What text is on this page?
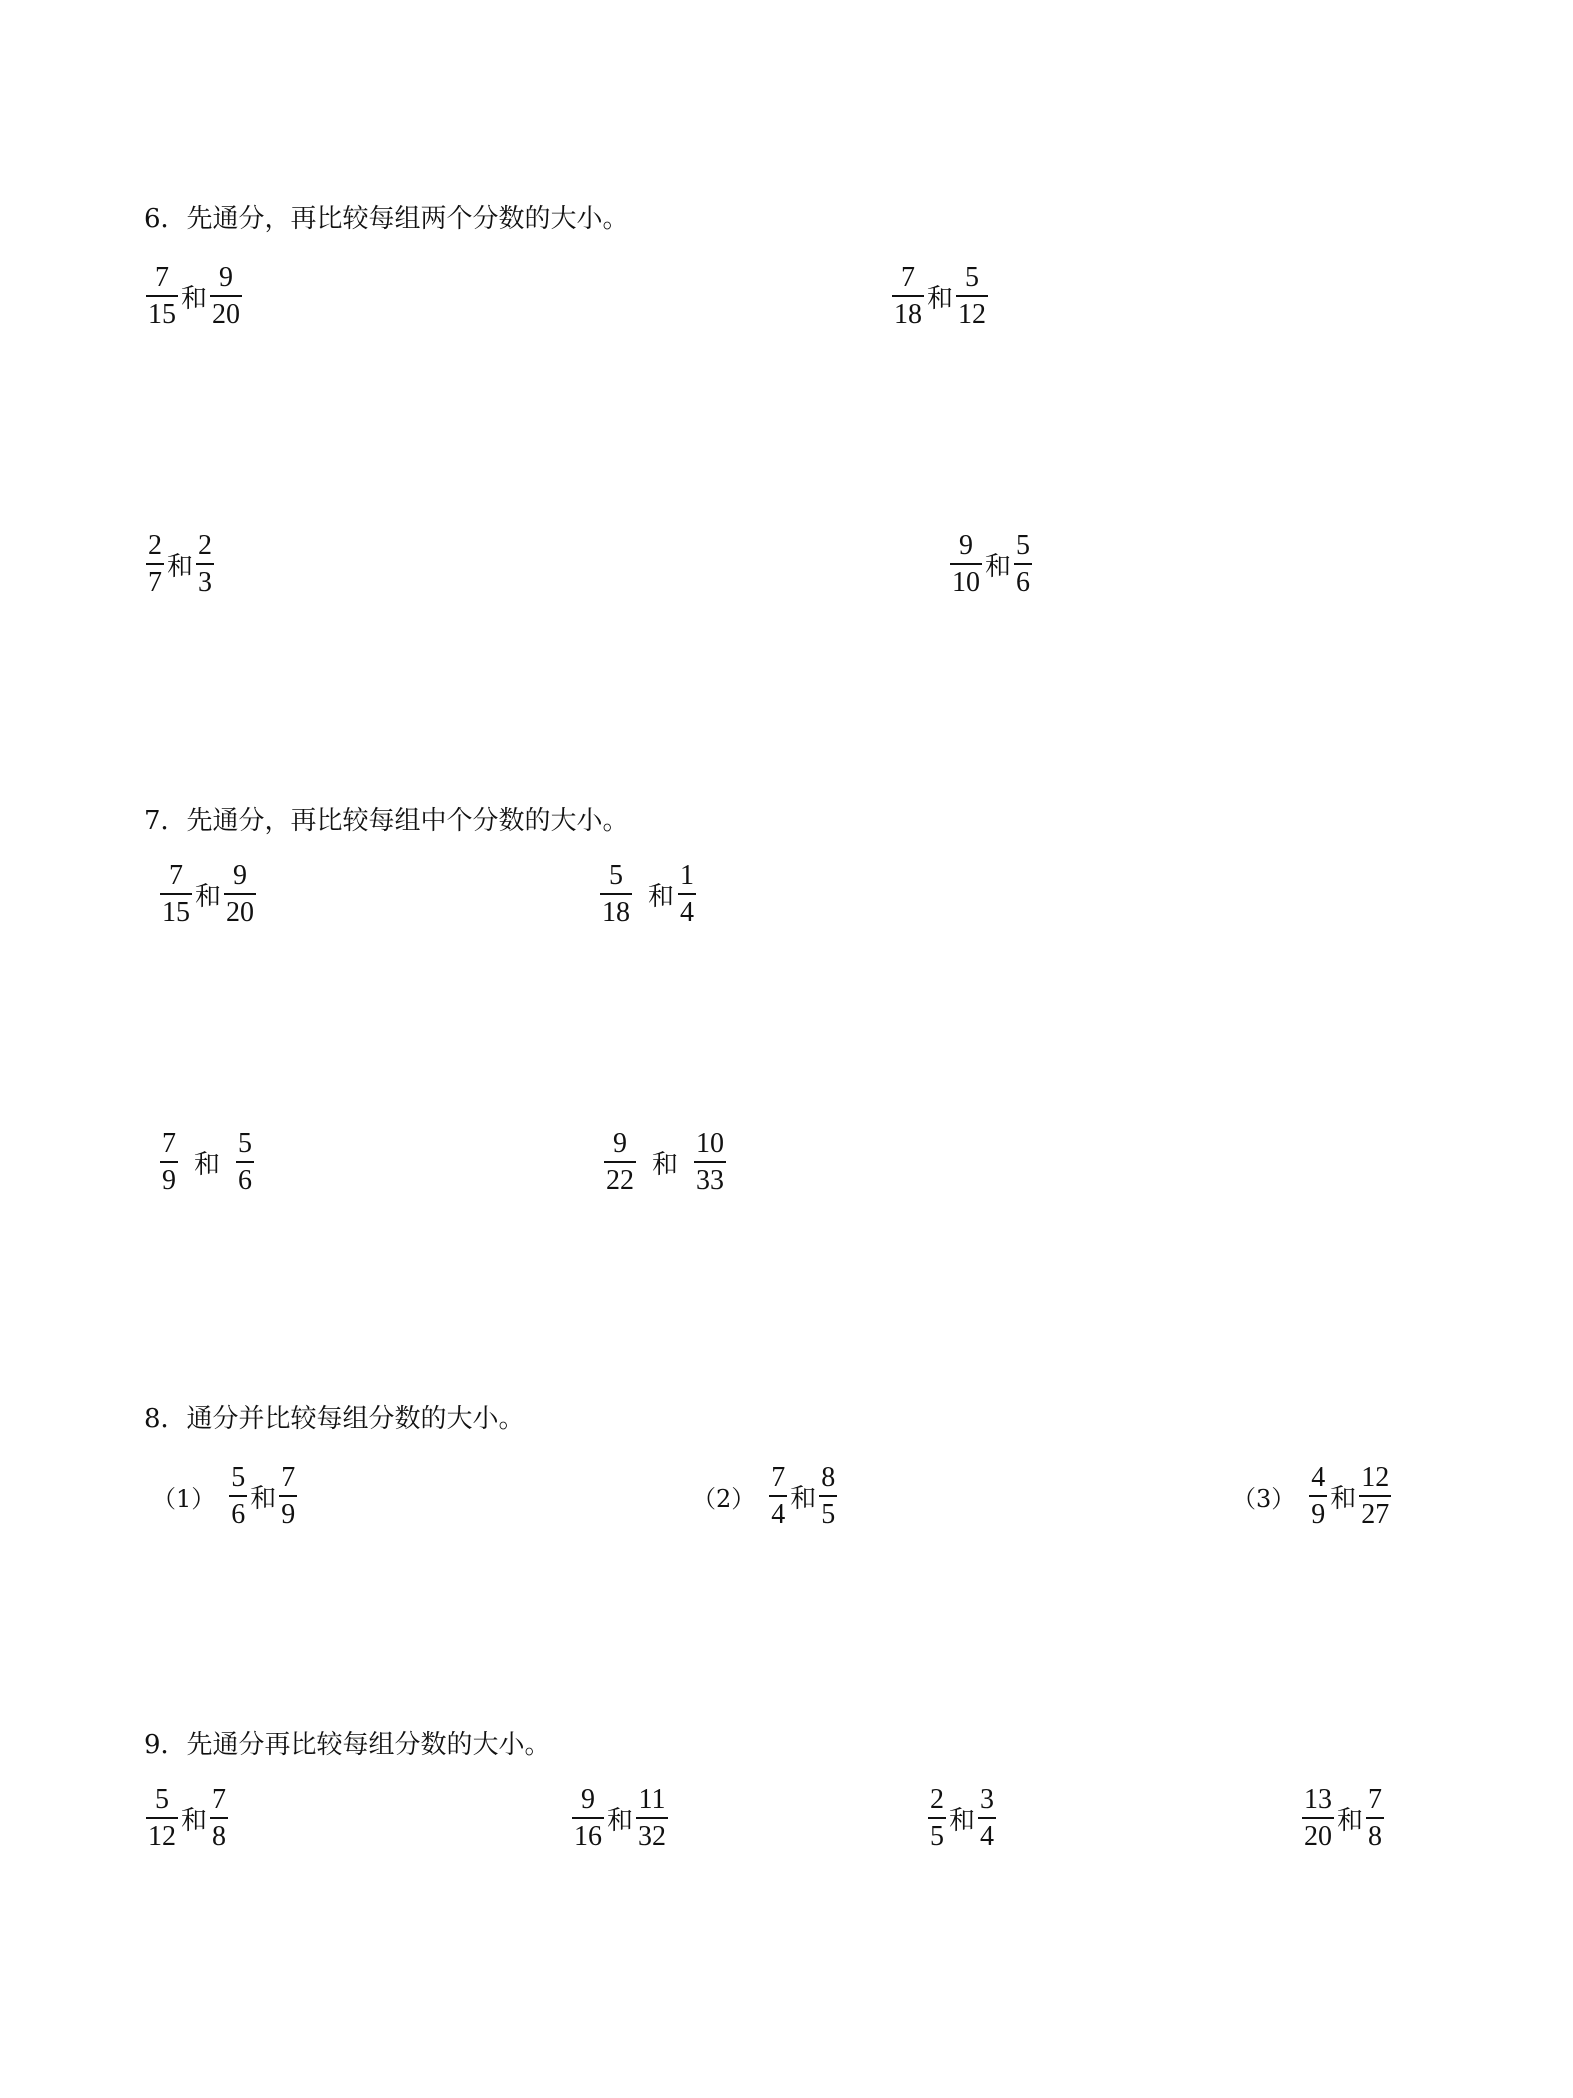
6．先通分，再比较每组两个分数的大小。
$\frac{7}{15}$ 和 $\frac{9}{20}$	$\frac{7}{18}$ 和 $\frac{5}{12}$
$\frac{2}{7}$ 和 $\frac{2}{3}$	$\frac{9}{10}$ 和 $\frac{5}{6}$
7．先通分，再比较每组中个分数的大小。
$\frac{7}{15}$ 和 $\frac{9}{20}$	$\frac{5}{18}$ 和 $\frac{1}{4}$
$\frac{7}{9}$ 和 $\frac{5}{6}$	$\frac{9}{22}$ 和 $\frac{10}{33}$
8．通分并比较每组分数的大小。
$(1) \frac{5}{6}$ 和 $\frac{7}{9}$	$(2) \frac{7}{4}$ 和 $\frac{8}{5}$	$(3) \frac{4}{9}$ 和 $\frac{12}{27}$
9．先通分再比较每组分数的大小。
$\frac{5}{12}$ 和 $\frac{7}{8}$	$\frac{9}{16}$ 和 $\frac{11}{32}$	$\frac{2}{5}$ 和 $\frac{3}{4}$	$\frac{13}{20}$ 和 $\frac{7}{8}$
